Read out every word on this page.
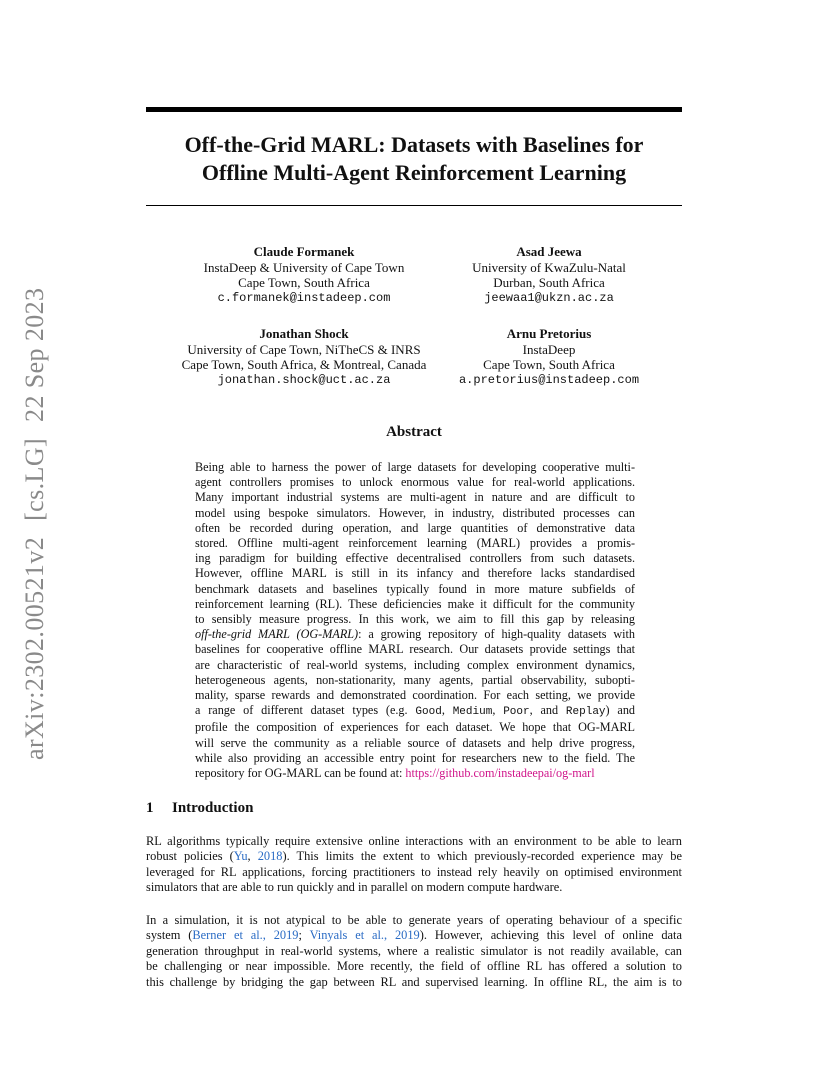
arXiv:2302.00521v2[cs.LG]22 Sep 2023
Off-the-Grid MARL: Datasets with Baselines for
Offline Multi-Agent Reinforcement Learning
Claude Formanek
InstaDeep & University of Cape Town
Cape Town, South Africa
c.formanek@instadeep.com
Asad Jeewa
University of KwaZulu-Natal
Durban, South Africa
jeewaa1@ukzn.ac.za
Jonathan Shock
University of Cape Town, NiTheCS & INRS
Cape Town, South Africa, & Montreal, Canada
jonathan.shock@uct.ac.za
Arnu Pretorius
InstaDeep
Cape Town, South Africa
a.pretorius@instadeep.com
Abstract
Being able to harness the power of large datasets for developing cooperative multi-
agent controllers promises to unlock enormous value for real-world applications.
Many important industrial systems are multi-agent in nature and are difficult to
model using bespoke simulators. However, in industry, distributed processes can
often be recorded during operation, and large quantities of demonstrative data
stored. Offline multi-agent reinforcement learning (MARL) provides a promis-
ing paradigm for building effective decentralised controllers from such datasets.
However, offline MARL is still in its infancy and therefore lacks standardised
benchmark datasets and baselines typically found in more mature subfields of
reinforcement learning (RL). These deficiencies make it difficult for the community
to sensibly measure progress. In this work, we aim to fill this gap by releasing
off-the-grid MARL (OG-MARL): a growing repository of high-quality datasets with
baselines for cooperative offline MARL research. Our datasets provide settings that
are characteristic of real-world systems, including complex environment dynamics,
heterogeneous agents, non-stationarity, many agents, partial observability, subopti-
mality, sparse rewards and demonstrated coordination. For each setting, we provide
a range of different dataset types (e.g. Good, Medium, Poor, and Replay) and
profile the composition of experiences for each dataset. We hope that OG-MARL
will serve the community as a reliable source of datasets and help drive progress,
while also providing an accessible entry point for researchers new to the field. The
repository for OG-MARL can be found at: https://github.com/instadeepai/og-marl
1 Introduction
RL algorithms typically require extensive online interactions with an environment to be able to learn
robust policies (Yu, 2018). This limits the extent to which previously-recorded experience may be
leveraged for RL applications, forcing practitioners to instead rely heavily on optimised environment
simulators that are able to run quickly and in parallel on modern compute hardware.
In a simulation, it is not atypical to be able to generate years of operating behaviour of a specific
system (Berner et al., 2019; Vinyals et al., 2019). However, achieving this level of online data
generation throughput in real-world systems, where a realistic simulator is not readily available, can
be challenging or near impossible. More recently, the field of offline RL has offered a solution to
this challenge by bridging the gap between RL and supervised learning. In offline RL, the aim is to
